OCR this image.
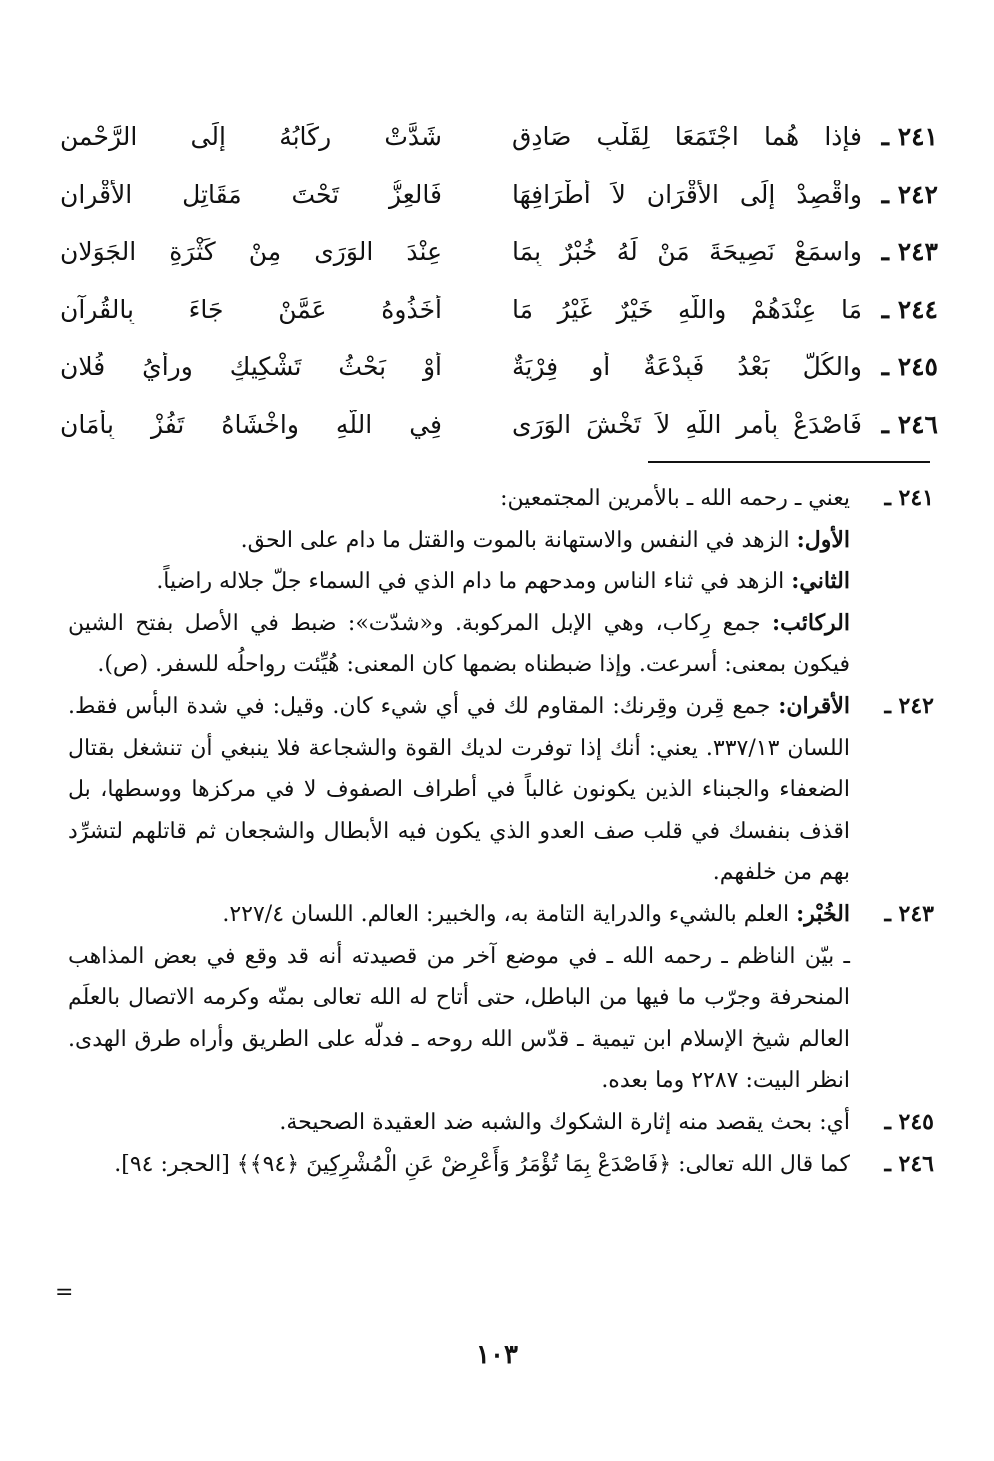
٢٤١ ـ
فإذا هُما اجْتَمَعَا لِقَلْبٍ صَادِقٍ
شَدَّتْ رِكَابُهُ إِلَى الرَّحْمنِ
٢٤٢ ـ
واقْصِدْ إِلَى الأقْرَانِ لاَ أطْرَافِهَا
فَالعِزُّ تَحْتَ مَقَاتِلِ الأَقْرانِ
٢٤٣ ـ
واسمَعْ نَصِيحَةَ مَنْ لَهُ خُبْرٌ بِمَا
عِنْدَ الوَرَى مِنْ كَثْرَةِ الجَوَلانِ
٢٤٤ ـ
مَا عِنْدَهُمْ واللَّهِ خَيْرٌ غَيْرُ مَا
أَخَذُوهُ عَمَّنْ جَاءَ بِالقُرآنِ
٢٤٥ ـ
والكُلُّ بَعْدُ فَبِدْعَةٌ أو فِرْيَةٌ
أَوْ بَحْثُ تَشْكِيكٍ ورأيُ فُلانِ
٢٤٦ ـ
فَاصْدَعْ بِأمرِ اللَّهِ لاَ تَخْشَ الوَرَى
فِي اللَّهِ واخْشَاهُ تَفُزْ بِأَمَانِ
٢٤١ ـ

يعني ـ رحمه الله ـ بالأمرين المجتمعين:

الأول: الزهد في النفس والاستهانة بالموت والقتل ما دام على الحق.

الثاني: الزهد في ثناء الناس ومدحهم ما دام الذي في السماء جلّ جلاله راضياً.

الركائب: جمع رِكاب، وهي الإبل المركوبة. و«شدّت»: ضبط في الأصل بفتح الشين فيكون بمعنى: أسرعت. وإذا ضبطناه بضمها كان المعنى: هُيِّئت رواحلُه للسفر. (ص).

٢٤٢ ـ

الأقران: جمع قِرن وقِرنك: المقاوم لك في أي شيء كان. وقيل: في شدة البأس فقط. اللسان ٣٣٧/١٣. يعني: أنك إذا توفرت لديك القوة والشجاعة فلا ينبغي أن تنشغل بقتال الضعفاء والجبناء الذين يكونون غالباً في أطراف الصفوف لا في مركزها ووسطها، بل اقذف بنفسك في قلب صف العدو الذي يكون فيه الأبطال والشجعان ثم قاتلهم لتشرِّد بهم من خلفهم.

٢٤٣ ـ

الخُبْر: العلم بالشيء والدراية التامة به، والخبير: العالم. اللسان ٢٢٧/٤.

ـ بيّن الناظم ـ رحمه الله ـ في موضع آخر من قصيدته أنه قد وقع في بعض المذاهب المنحرفة وجرّب ما فيها من الباطل، حتى أتاح له الله تعالى بمنّه وكرمه الاتصال بالعلَم العالم شيخ الإسلام ابن تيمية ـ قدّس الله روحه ـ فدلّه على الطريق وأراه طرق الهدى. انظر البيت: ٢٢٨٧ وما بعده.

٢٤٥ ـ

أي: بحث يقصد منه إثارة الشكوك والشبه ضد العقيدة الصحيحة.

٢٤٦ ـ

كما قال الله تعالى: ﴿فَاصْدَعْ بِمَا تُؤْمَرُ وَأَعْرِضْ عَنِ الْمُشْرِكِينَ ﴿٩٤﴾﴾ [الحجر: ٩٤].

=
١٠٣
